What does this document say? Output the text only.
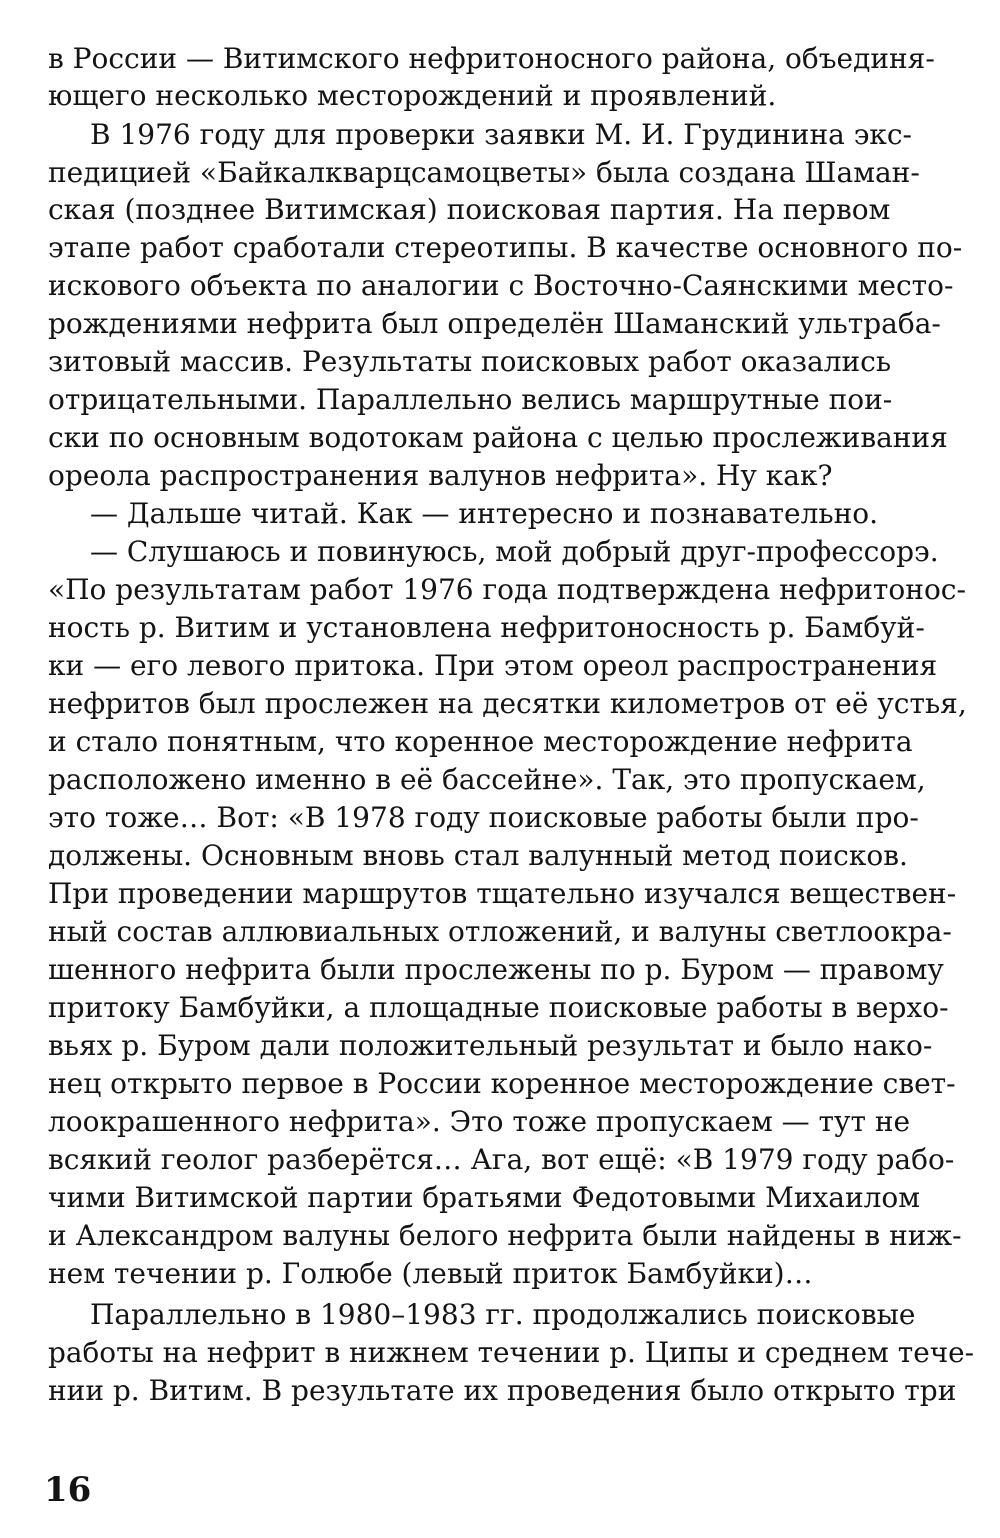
в России — Витимского нефритоносного района, объединя-
ющего несколько месторождений и проявлений.
В 1976 году для проверки заявки М. И. Грудинина экс-
педицией «Байкалкварцсамоцветы» была создана Шаман-
ская (позднее Витимская) поисковая партия. На первом
этапе работ сработали стереотипы. В качестве основного по-
искового объекта по аналогии с Восточно-Саянскими место-
рождениями нефрита был определён Шаманский ультраба-
зитовый массив. Результаты поисковых работ оказались
отрицательными. Параллельно велись маршрутные пои-
ски по основным водотокам района с целью прослеживания
ореола распространения валунов нефрита». Ну как?
— Дальше читай. Как — интересно и познавательно.
— Слушаюсь и повинуюсь, мой добрый друг-профессорэ.
«По результатам работ 1976 года подтверждена нефритонос-
ность р. Витим и установлена нефритоносность р. Бамбуй-
ки — его левого притока. При этом ореол распространения
нефритов был прослежен на десятки километров от её устья,
и стало понятным, что коренное месторождение нефрита
расположено именно в её бассейне». Так, это пропускаем,
это тоже… Вот: «В 1978 году поисковые работы были про-
должены. Основным вновь стал валунный метод поисков.
При проведении маршрутов тщательно изучался веществен-
ный состав аллювиальных отложений, и валуны светлоокра-
шенного нефрита были прослежены по р. Буром — правому
притоку Бамбуйки, а площадные поисковые работы в верхо-
вьях р. Буром дали положительный результат и было нако-
нец открыто первое в России коренное месторождение свет-
лоокрашенного нефрита». Это тоже пропускаем — тут не
всякий геолог разберётся… Ага, вот ещё: «В 1979 году рабо-
чими Витимской партии братьями Федотовыми Михаилом
и Александром валуны белого нефрита были найдены в ниж-
нем течении р. Голюбе (левый приток Бамбуйки)…
Параллельно в 1980–1983 гг. продолжались поисковые
работы на нефрит в нижнем течении р. Ципы и среднем тече-
нии р. Витим. В результате их проведения было открыто три
16
